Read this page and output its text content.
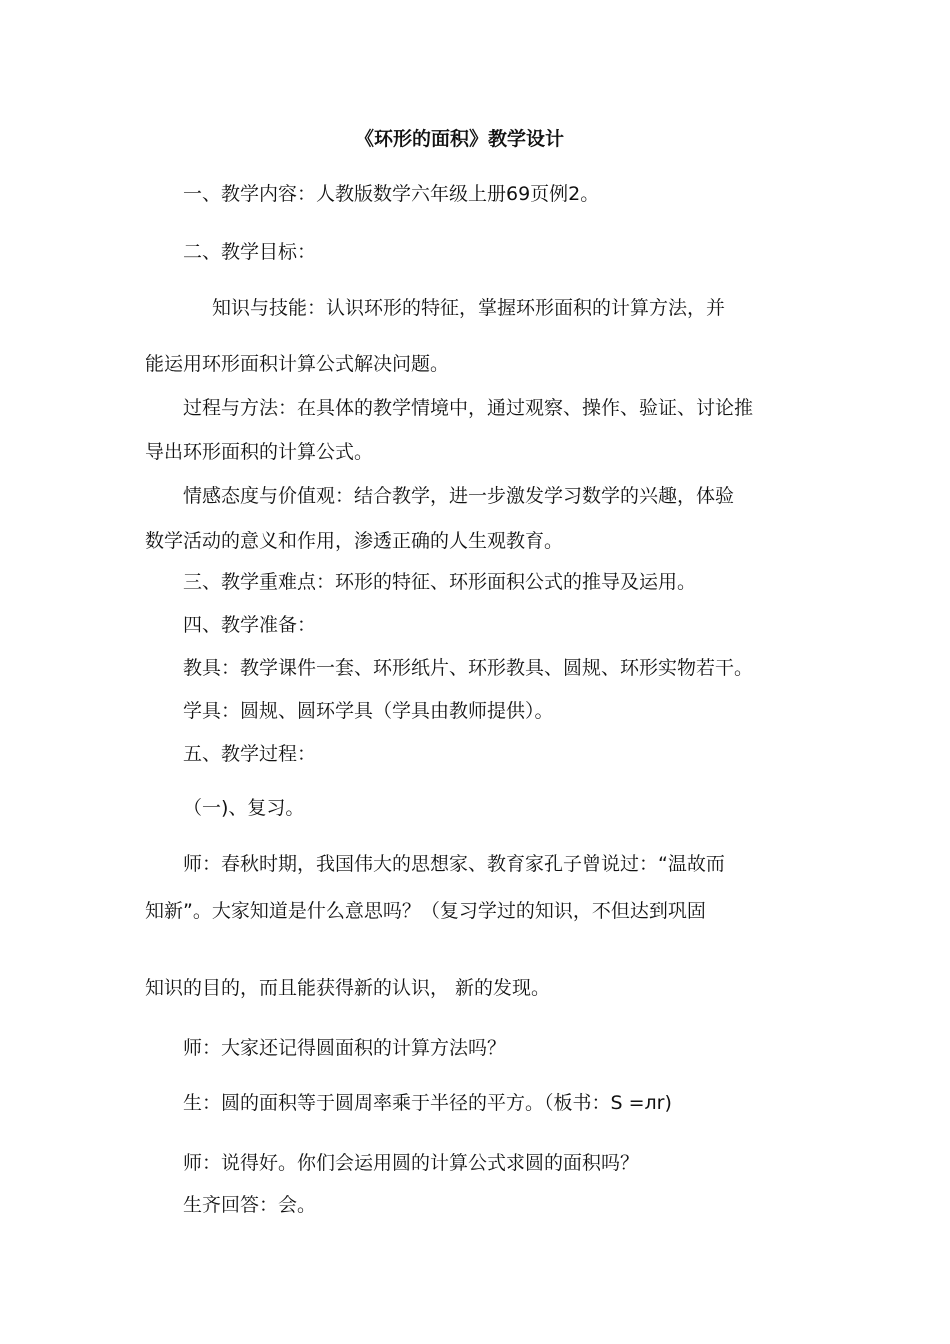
《环形的面积》教学设计
一、教学内容：人教版数学六年级上册69页例2。
二、教学目标：
知识与技能：认识环形的特征，掌握环形面积的计算方法，并
能运用环形面积计算公式解决问题。
过程与方法：在具体的教学情境中，通过观察、操作、验证、讨论推
导出环形面积的计算公式。
情感态度与价值观：结合教学，进一步激发学习数学的兴趣，体验
数学活动的意义和作用，渗透正确的人生观教育。
三、教学重难点：环形的特征、环形面积公式的推导及运用。
四、教学准备：
教具：教学课件一套、环形纸片、环形教具、圆规、环形实物若干。
学具：圆规、圆环学具（学具由教师提供）。
五、教学过程：
（一)、复习。
师：春秋时期，我国伟大的思想家、教育家孔子曾说过：“温故而
知新”。大家知道是什么意思吗？（复习学过的知识，不但达到巩固
知识的目的，而且能获得新的认识， 新的发现。
师：大家还记得圆面积的计算方法吗？
生：圆的面积等于圆周率乘于半径的平方。（板书：S =лr)
师：说得好。你们会运用圆的计算公式求圆的面积吗？
生齐回答：会。
